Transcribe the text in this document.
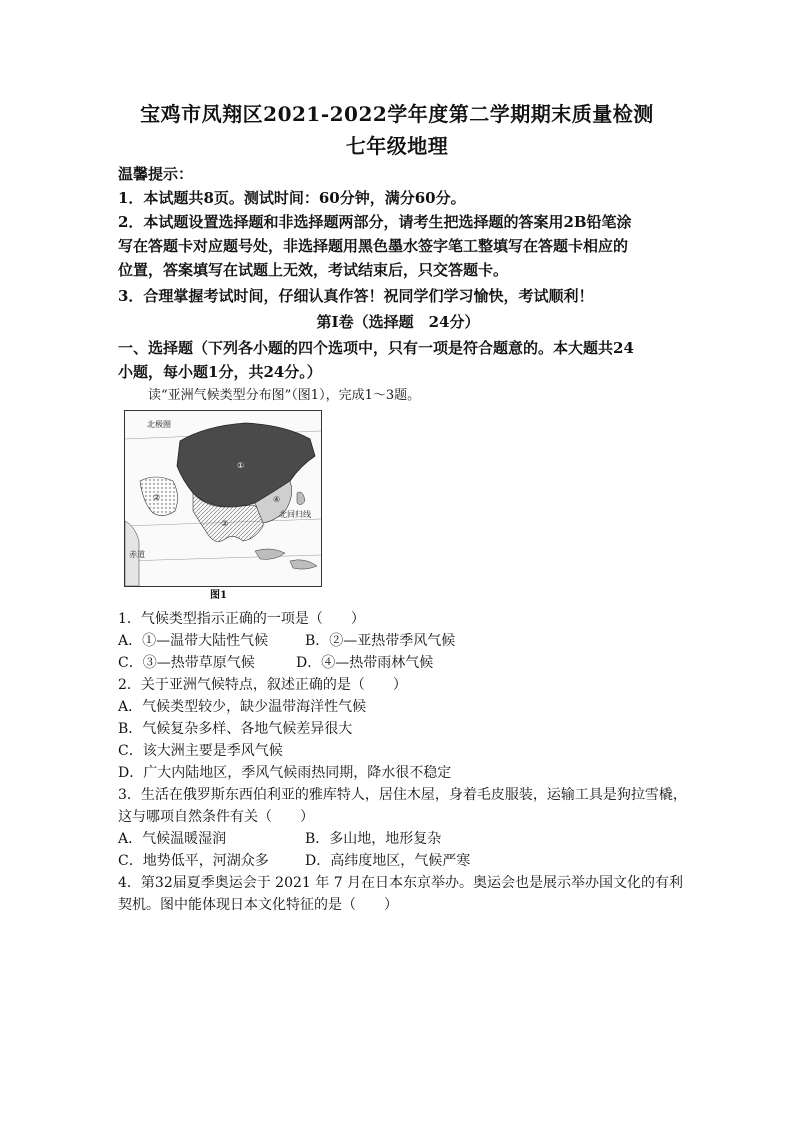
宝鸡市凤翔区2021-2022学年度第二学期期末质量检测
七年级地理
温馨提示：
1．本试题共8页。测试时间：60分钟，满分60分。
2．本试题设置选择题和非选择题两部分，请考生把选择题的答案用2B铅笔涂
写在答题卡对应题号处，非选择题用黑色墨水签字笔工整填写在答题卡相应的
位置，答案填写在试题上无效，考试结束后，只交答题卡。
3．合理掌握考试时间，仔细认真作答！祝同学们学习愉快，考试顺利！
第Ⅰ卷（选择题　24分）
一、选择题（下列各小题的四个选项中，只有一项是符合题意的。本大题共24
小题，每小题1分，共24分。）
读“亚洲气候类型分布图”（图1），完成1～3题。
北极圈
赤道
北回归线
①
②
③
④
图1
1．气候类型指示正确的一项是（　　）
A．①—温带大陆性气候	B．②—亚热带季风气候
C．③—热带草原气候	D．④—热带雨林气候
2．关于亚洲气候特点，叙述正确的是（　　）
A．气候类型较少，缺少温带海洋性气候
B．气候复杂多样、各地气候差异很大
C．该大洲主要是季风气候
D．广大内陆地区，季风气候雨热同期，降水很不稳定
3．生活在俄罗斯东西伯利亚的雅库特人，居住木屋，身着毛皮服装，运输工具是狗拉雪橇，
这与哪项自然条件有关（　　）
A．气候温暖湿润	B．多山地，地形复杂
C．地势低平，河湖众多	D．高纬度地区，气候严寒
4．第32届夏季奥运会于 2021 年 7 月在日本东京举办。奥运会也是展示举办国文化的有利
契机。图中能体现日本文化特征的是（　　）
